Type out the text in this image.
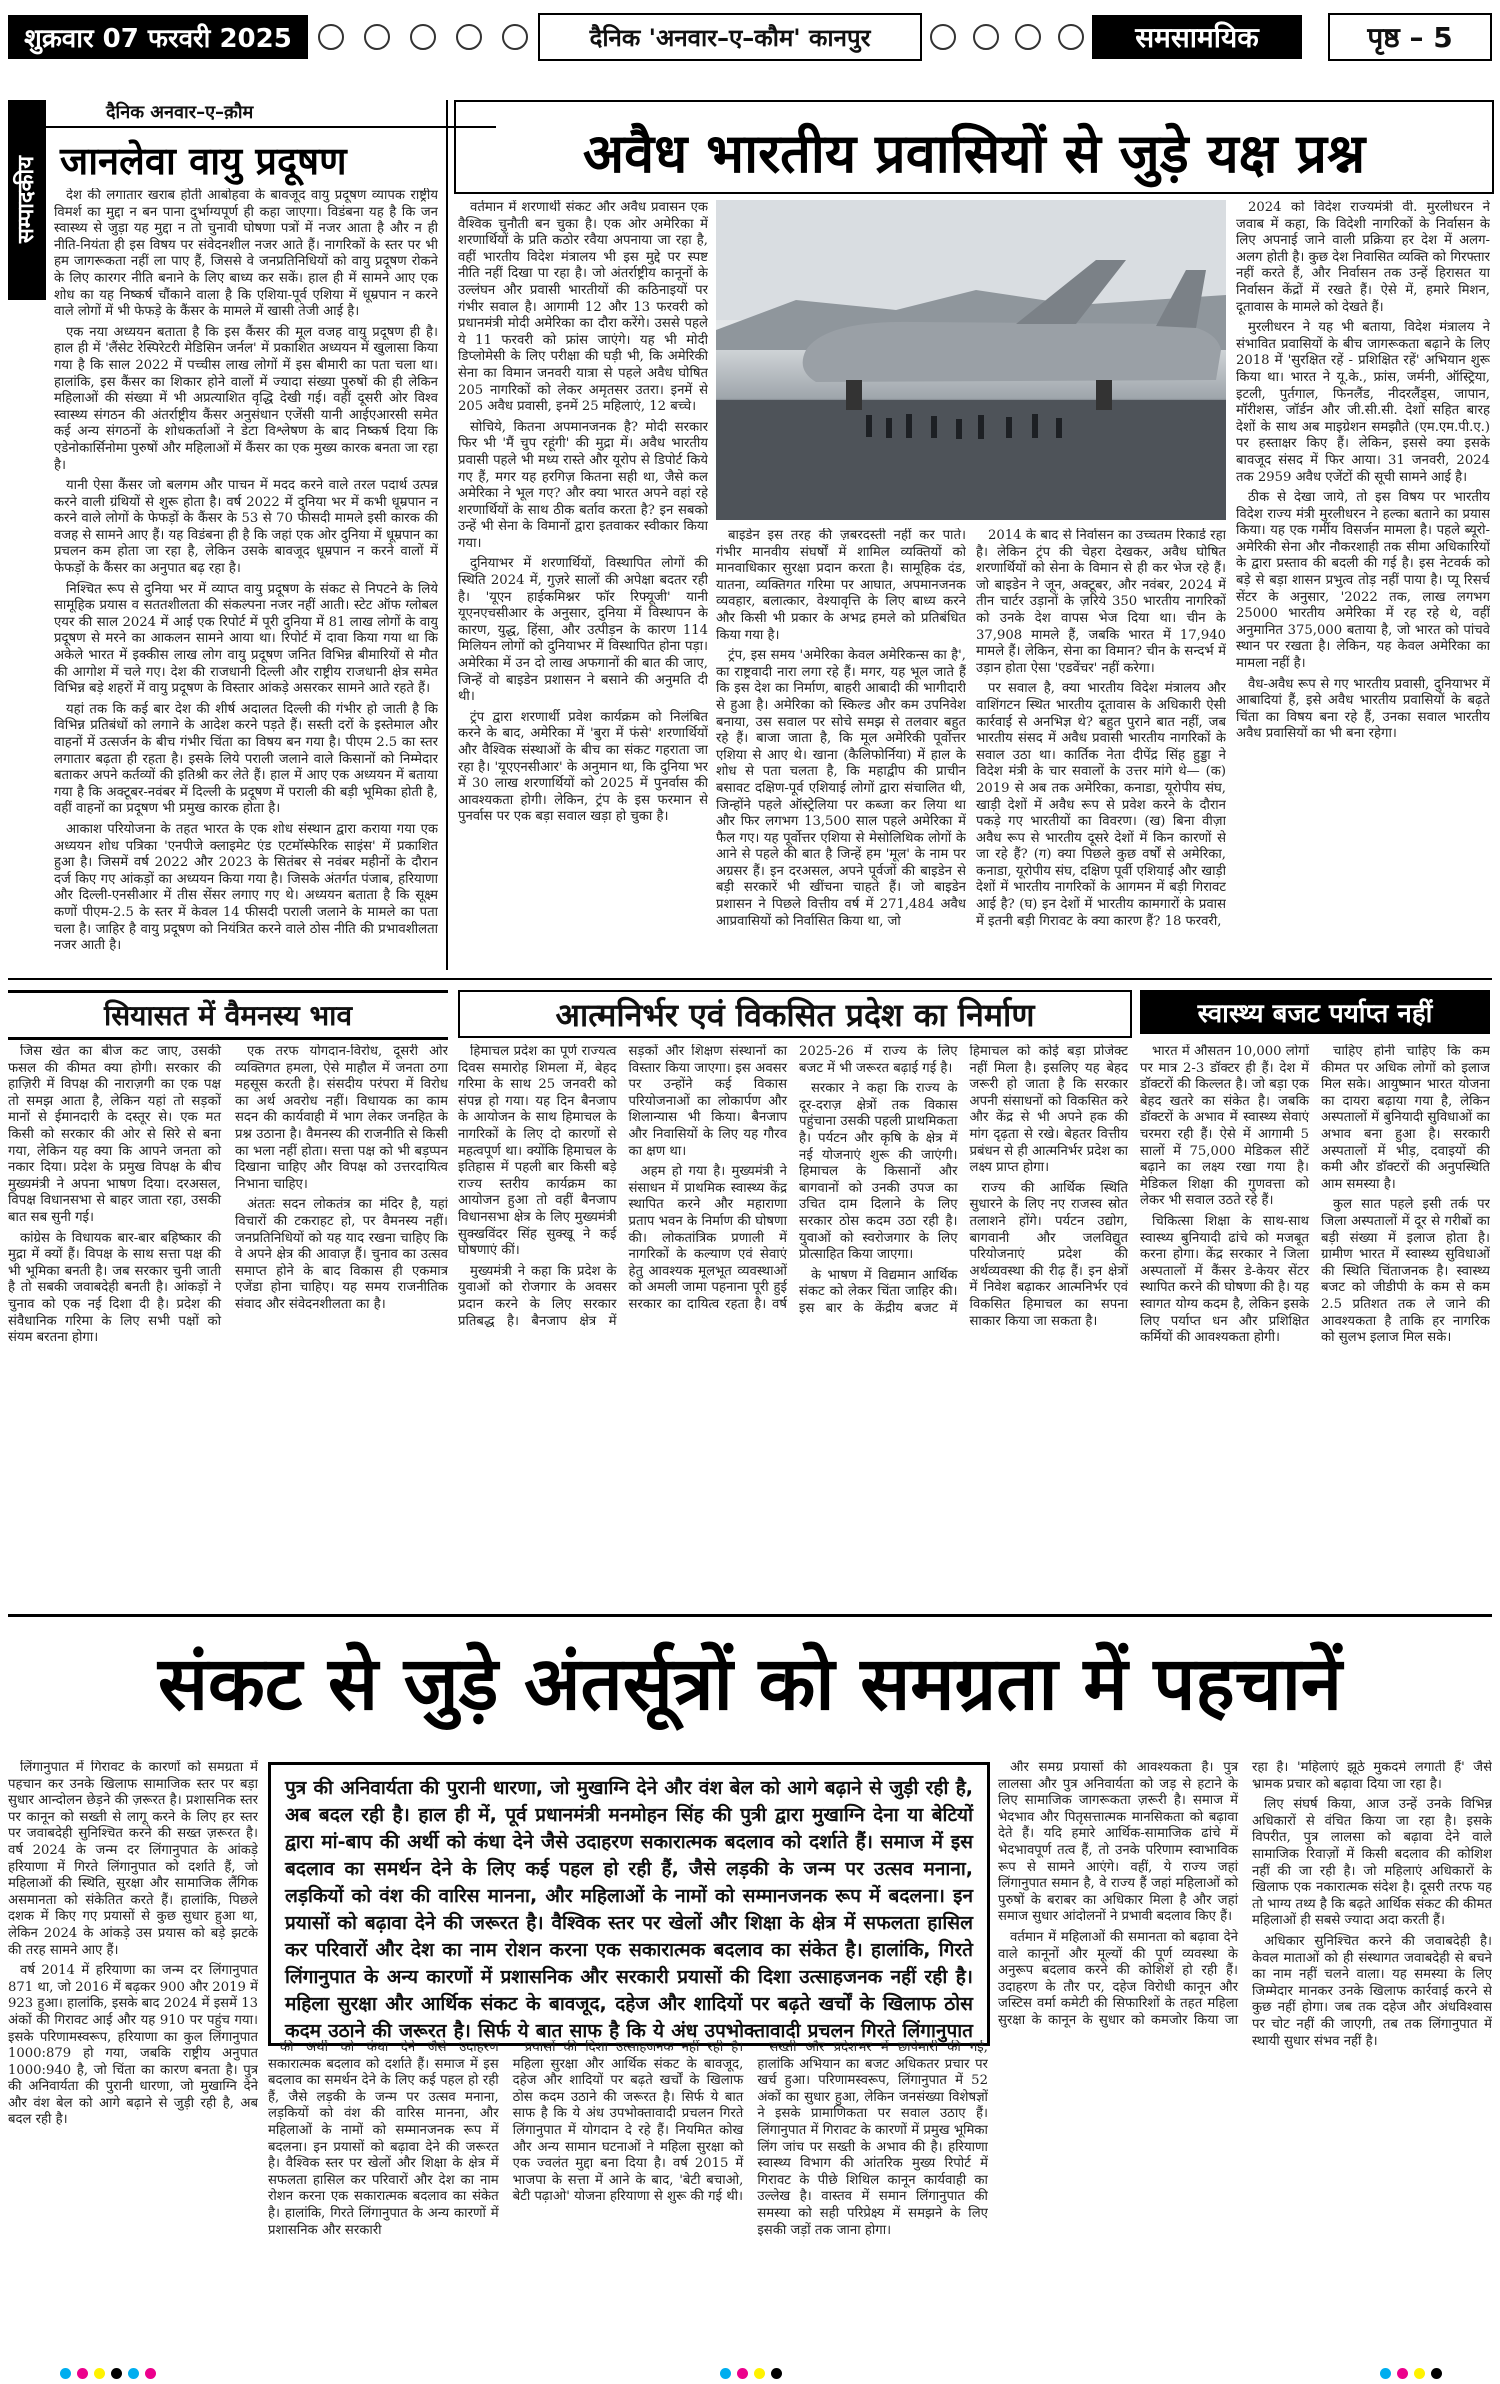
शुक्रवार 07 फरवरी 2025	दैनिक 'अनवार–ए–कौम' कानपुर	समसामयिक	पृष्ठ – 5
सम्पादकीय
दैनिक अनवार–ए–क़ौम
जानलेवा वायु प्रदूषण

देश की लगातार खराब होती आबोहवा के बावजूद वायु प्रदूषण व्यापक राष्ट्रीय विमर्श का मुद्दा न बन पाना दुर्भाग्यपूर्ण ही कहा जाएगा। विडंबना यह है कि जन स्वास्थ्य से जुड़ा यह मुद्दा न तो चुनावी घोषणा पत्रों में नजर आता है और न ही नीति-नियंता ही इस विषय पर संवेदनशील नजर आते हैं। नागरिकों के स्तर पर भी हम जागरूकता नहीं ला पाए हैं, जिससे वे जनप्रतिनिधियों को वायु प्रदूषण रोकने के लिए कारगर नीति बनाने के लिए बाध्य कर सकें। हाल ही में सामने आए एक शोध का यह निष्कर्ष चौंकाने वाला है कि एशिया-पूर्व एशिया में धूम्रपान न करने वाले लोगों में भी फेफड़े के कैंसर के मामले में खासी तेजी आई है।

एक नया अध्ययन बताता है कि इस कैंसर की मूल वजह वायु प्रदूषण ही है। हाल ही में 'लैंसेट रेस्पिरेटरी मेडिसिन जर्नल' में प्रकाशित अध्ययन में खुलासा किया गया है कि साल 2022 में पच्चीस लाख लोगों में इस बीमारी का पता चला था। हालांकि, इस कैंसर का शिकार होने वालों में ज्यादा संख्या पुरुषों की ही लेकिन महिलाओं की संख्या में भी अप्रत्याशित वृद्धि देखी गई। वहीं दूसरी ओर विश्व स्वास्थ्य संगठन की अंतर्राष्ट्रीय कैंसर अनुसंधान एजेंसी यानी आईएआरसी समेत कई अन्य संगठनों के शोधकर्ताओं ने डेटा विश्लेषण के बाद निष्कर्ष दिया कि एडेनोकार्सिनोमा पुरुषों और महिलाओं में कैंसर का एक मुख्य कारक बनता जा रहा है।

यानी ऐसा कैंसर जो बलगम और पाचन में मदद करने वाले तरल पदार्थ उत्पन्न करने वाली ग्रंथियों से शुरू होता है। वर्ष 2022 में दुनिया भर में कभी धूम्रपान न करने वाले लोगों के फेफड़ों के कैंसर के 53 से 70 फीसदी मामले इसी कारक की वजह से सामने आए हैं। यह विडंबना ही है कि जहां एक ओर दुनिया में धूम्रपान का प्रचलन कम होता जा रहा है, लेकिन उसके बावजूद धूम्रपान न करने वालों में फेफड़ों के कैंसर का अनुपात बढ़ रहा है।

निश्चित रूप से दुनिया भर में व्याप्त वायु प्रदूषण के संकट से निपटने के लिये सामूहिक प्रयास व सततशीलता की संकल्पना नजर नहीं आती। स्टेट ऑफ ग्लोबल एयर की साल 2024 में आई एक रिपोर्ट में पूरी दुनिया में 81 लाख लोगों के वायु प्रदूषण से मरने का आकलन सामने आया था। रिपोर्ट में दावा किया गया था कि अकेले भारत में इक्कीस लाख लोग वायु प्रदूषण जनित विभिन्न बीमारियों से मौत की आगोश में चले गए। देश की राजधानी दिल्ली और राष्ट्रीय राजधानी क्षेत्र समेत विभिन्न बड़े शहरों में वायु प्रदूषण के विस्तार आंकड़े असरकर सामने आते रहते हैं।

यहां तक कि कई बार देश की शीर्ष अदालत दिल्ली की गंभीर हो जाती है कि विभिन्न प्रतिबंधों को लगाने के आदेश करने पड़ते हैं। सस्ती दरों के इस्तेमाल और वाहनों में उत्सर्जन के बीच गंभीर चिंता का विषय बन गया है। पीएम 2.5 का स्तर लगातार बढ़ता ही रहता है। इसके लिये पराली जलाने वाले किसानों को निम्मेदार बताकर अपने कर्तव्यों की इतिश्री कर लेते हैं। हाल में आए एक अध्ययन में बताया गया है कि अक्टूबर-नवंबर में दिल्ली के प्रदूषण में पराली की बड़ी भूमिका होती है, वहीं वाहनों का प्रदूषण भी प्रमुख कारक होता है।

आकाश परियोजना के तहत भारत के एक शोध संस्थान द्वारा कराया गया एक अध्ययन शोध पत्रिका 'एनपीजे क्लाइमेट एंड एटमॉस्फेरिक साइंस' में प्रकाशित हुआ है। जिसमें वर्ष 2022 और 2023 के सितंबर से नवंबर महीनों के दौरान दर्ज किए गए आंकड़ों का अध्ययन किया गया है। जिसके अंतर्गत पंजाब, हरियाणा और दिल्ली-एनसीआर में तीस सेंसर लगाए गए थे। अध्ययन बताता है कि सूक्ष्म कणों पीएम-2.5 के स्तर में केवल 14 फीसदी पराली जलाने के मामले का पता चला है। जाहिर है वायु प्रदूषण को नियंत्रित करने वाले ठोस नीति की प्रभावशीलता नजर आती है।

अवैध भारतीय प्रवासियों से जुड़े यक्ष प्रश्न

वर्तमान में शरणार्थी संकट और अवैध प्रवासन एक वैश्विक चुनौती बन चुका है। एक ओर अमेरिका में शरणार्थियों के प्रति कठोर रवैया अपनाया जा रहा है, वहीं भारतीय विदेश मंत्रालय भी इस मुद्दे पर स्पष्ट नीति नहीं दिखा पा रहा है। जो अंतर्राष्ट्रीय कानूनों के उल्लंघन और प्रवासी भारतीयों की कठिनाइयों पर गंभीर सवाल है। आगामी 12 और 13 फरवरी को प्रधानमंत्री मोदी अमेरिका का दौरा करेंगे। उससे पहले ये 11 फरवरी को फ्रांस जाएंगे। यह भी मोदी डिप्लोमेसी के लिए परीक्षा की घड़ी भी, कि अमेरिकी सेना का विमान जनवरी यात्रा से पहले अवैध घोषित 205 नागरिकों को लेकर अमृतसर उतरा। इनमें से 205 अवैध प्रवासी, इनमें 25 महिलाएं, 12 बच्चे।

सोचिये, कितना अपमानजनक है? मोदी सरकार फिर भी 'मैं चुप रहूंगी' की मुद्रा में। अवैध भारतीय प्रवासी पहले भी मध्य रास्ते और यूरोप से डिपोर्ट किये गए हैं, मगर यह हरगिज़ कितना सही था, जैसे कल अमेरिका ने भूल गए? और क्या भारत अपने वहां रहे शरणार्थियों के साथ ठीक बर्ताव करता है? इन सबको उन्हें भी सेना के विमानों द्वारा इतवाकर स्वीकार किया गया।

दुनियाभर में शरणार्थियों, विस्थापित लोगों की स्थिति 2024 में, गुज़रे सालों की अपेक्षा बदतर रही है। 'यूएन हाईकमिश्नर फॉर रिफ्यूजी' यानी यूएनएचसीआर के अनुसार, दुनिया में विस्थापन के कारण, युद्ध, हिंसा, और उत्पीड़न के कारण 114 मिलियन लोगों को दुनियाभर में विस्थापित होना पड़ा। अमेरिका में उन दो लाख अफगानों की बात की जाए, जिन्हें वो बाइडेन प्रशासन ने बसाने की अनुमति दी थी।

ट्रंप द्वारा शरणार्थी प्रवेश कार्यक्रम को निलंबित करने के बाद, अमेरिका में 'बुरा में फंसे' शरणार्थियों और वैश्विक संस्थाओं के बीच का संकट गहराता जा रहा है। 'यूएएनसीआर' के अनुमान था, कि दुनिया भर में 30 लाख शरणार्थियों को 2025 में पुनर्वास की आवश्यकता होगी। लेकिन, ट्रंप के इस फरमान से पुनर्वास पर एक बड़ा सवाल खड़ा हो चुका है।

बाइडेन इस तरह की ज़बरदस्ती नहीं कर पाते। गंभीर मानवीय संघर्षों में शामिल व्यक्तियों को मानवाधिकार सुरक्षा प्रदान करता है। सामूहिक दंड, यातना, व्यक्तिगत गरिमा पर आघात, अपमानजनक व्यवहार, बलात्कार, वेश्यावृत्ति के लिए बाध्य करने और किसी भी प्रकार के अभद्र हमले को प्रतिबंधित किया गया है।

ट्रंप, इस समय 'अमेरिका केवल अमेरिकन्स का है', का राष्ट्रवादी नारा लगा रहे हैं। मगर, यह भूल जाते हैं कि इस देश का निर्माण, बाहरी आबादी की भागीदारी से हुआ है। अमेरिका को स्किल्ड और कम उपनिवेश बनाया, उस सवाल पर सोचे समझ से तलवार बहुत रहे हैं। बाजा जाता है, कि मूल अमेरिकी पूर्वोत्तर एशिया से आए थे। खाना (कैलिफोर्निया) में हाल के शोध से पता चलता है, कि महाद्वीप की प्राचीन बसावट दक्षिण-पूर्व एशियाई लोगों द्वारा संचालित थी, जिन्होंने पहले ऑस्ट्रेलिया पर कब्जा कर लिया था और फिर लगभग 13,500 साल पहले अमेरिका में फैल गए। यह पूर्वोत्तर एशिया से मेसोलिथिक लोगों के आने से पहले की बात है जिन्हें हम 'मूल' के नाम पर अग्रसर हैं। इन दरअसल, अपने पूर्वजों की बाइडेन से बड़ी सरकारें भी खींचना चाहते हैं। जो बाइडेन प्रशासन ने पिछले वित्तीय वर्ष में 271,484 अवैध आप्रवासियों को निर्वासित किया था, जो

2014 के बाद से निर्वासन का उच्चतम रिकार्ड रहा है। लेकिन ट्रंप की चेहरा देखकर, अवैध घोषित शरणार्थियों को सेना के विमान से ही कर भेज रहे हैं। जो बाइडेन ने जून, अक्टूबर, और नवंबर, 2024 में तीन चार्टर उड़ानों के ज़रिये 350 भारतीय नागरिकों को उनके देश वापस भेज दिया था। चीन के 37,908 मामले हैं, जबकि भारत में 17,940 मामले हैं। लेकिन, सेना का विमान? चीन के सन्दर्भ में उड़ान होता ऐसा 'एडवेंचर' नहीं करेगा।

पर सवाल है, क्या भारतीय विदेश मंत्रालय और वाशिंगटन स्थित भारतीय दूतावास के अधिकारी ऐसी कार्रवाई से अनभिज्ञ थे? बहुत पुराने बात नहीं, जब भारतीय संसद में अवैध प्रवासी भारतीय नागरिकों के सवाल उठा था। कार्तिक नेता दीपेंद्र सिंह हुड्डा ने विदेश मंत्री के चार सवालों के उत्तर मांगे थे— (क) 2019 से अब तक अमेरिका, कनाडा, यूरोपीय संघ, खाड़ी देशों में अवैध रूप से प्रवेश करने के दौरान पकड़े गए भारतीयों का विवरण। (ख) बिना वीज़ा अवैध रूप से भारतीय दूसरे देशों में किन कारणों से जा रहे हैं? (ग) क्या पिछले कुछ वर्षों से अमेरिका, कनाडा, यूरोपीय संघ, दक्षिण पूर्वी एशियाई और खाड़ी देशों में भारतीय नागरिकों के आगमन में बड़ी गिरावट आई है? (घ) इन देशों में भारतीय कामगारों के प्रवास में इतनी बड़ी गिरावट के क्या कारण हैं? 18 फरवरी,

2024 को विदेश राज्यमंत्री वी. मुरलीधरन ने जवाब में कहा, कि विदेशी नागरिकों के निर्वासन के लिए अपनाई जाने वाली प्रक्रिया हर देश में अलग-अलग होती है। कुछ देश निवासित व्यक्ति को गिरफ्तार नहीं करते हैं, और निर्वासन तक उन्हें हिरासत या निर्वासन केंद्रों में रखते हैं। ऐसे में, हमारे मिशन, दूतावास के मामले को देखते हैं।

मुरलीधरन ने यह भी बताया, विदेश मंत्रालय ने संभावित प्रवासियों के बीच जागरूकता बढ़ाने के लिए 2018 में 'सुरक्षित रहें - प्रशिक्षित रहें' अभियान शुरू किया था। भारत ने यू.के., फ्रांस, जर्मनी, ऑस्ट्रिया, इटली, पुर्तगाल, फिनलैंड, नीदरलैंड्स, जापान, मॉरीशस, जॉर्डन और जी.सी.सी. देशों सहित बारह देशों के साथ अब माइग्रेशन समझौते (एम.एम.पी.ए.) पर हस्ताक्षर किए हैं। लेकिन, इससे क्या इसके बावजूद संसद में फिर आया। 31 जनवरी, 2024 तक 2959 अवैध एजेंटों की सूची सामने आई है।

ठीक से देखा जाये, तो इस विषय पर भारतीय विदेश राज्य मंत्री मुरलीधरन ने हल्का बताने का प्रयास किया। यह एक गर्मीय विसर्जन मामला है। पहले ब्यूरो-अमेरिकी सेना और नौकरशाही तक सीमा अधिकारियों के द्वारा प्रस्ताव की बदली की गई है। इस नेटवर्क को बड़े से बड़ा शासन प्रभुत्व तोड़ नहीं पाया है। प्यू रिसर्च सेंटर के अनुसार, '2022 तक, लाख लगभग 25000 भारतीय अमेरिका में रह रहे थे, वहीं अनुमानित 375,000 बताया है, जो भारत को पांचवे स्थान पर रखता है। लेकिन, यह केवल अमेरिका का मामला नहीं है।

वैध-अवैध रूप से गए भारतीय प्रवासी, दुनियाभर में आबादियां हैं, इसे अवैध भारतीय प्रवासियों के बढ़ते चिंता का विषय बना रहे हैं, उनका सवाल भारतीय अवैध प्रवासियों का भी बना रहेगा।

सियासत में वैमनस्य भाव

जिस खेत का बीज कट जाए, उसकी फसल की कीमत क्या होगी। सरकार की हाज़िरी में विपक्ष की नाराज़गी का एक पक्ष तो समझ आता है, लेकिन यहां तो सड़कों मानों से ईमानदारी के दस्तूर से। एक मत किसी को सरकार की ओर से सिरे से बना गया, लेकिन यह क्या कि आपने जनता को नकार दिया। प्रदेश के प्रमुख विपक्ष के बीच मुख्यमंत्री ने अपना भाषण दिया। दरअसल, विपक्ष विधानसभा से बाहर जाता रहा, उसकी बात सब सुनी गई।

कांग्रेस के विधायक बार-बार बहिष्कार की मुद्रा में क्यों हैं। विपक्ष के साथ सत्ता पक्ष की भी भूमिका बनती है। जब सरकार चुनी जाती है तो सबकी जवाबदेही बनती है। आंकड़ों ने चुनाव को एक नई दिशा दी है। प्रदेश की संवैधानिक गरिमा के लिए सभी पक्षों को संयम बरतना होगा।

एक तरफ योगदान-विरोध, दूसरी ओर व्यक्तिगत हमला, ऐसे माहौल में जनता ठगा महसूस करती है। संसदीय परंपरा में विरोध का अर्थ अवरोध नहीं। विधायक का काम सदन की कार्यवाही में भाग लेकर जनहित के प्रश्न उठाना है। वैमनस्य की राजनीति से किसी का भला नहीं होता। सत्ता पक्ष को भी बड़प्पन दिखाना चाहिए और विपक्ष को उत्तरदायित्व निभाना चाहिए।

अंततः सदन लोकतंत्र का मंदिर है, यहां विचारों की टकराहट हो, पर वैमनस्य नहीं। जनप्रतिनिधियों को यह याद रखना चाहिए कि वे अपने क्षेत्र की आवाज़ हैं। चुनाव का उत्सव समाप्त होने के बाद विकास ही एकमात्र एजेंडा होना चाहिए। यह समय राजनीतिक संवाद और संवेदनशीलता का है।

आत्मनिर्भर एवं विकसित प्रदेश का निर्माण

हिमाचल प्रदेश का पूर्ण राज्यत्व दिवस समारोह शिमला में, बेहद गरिमा के साथ 25 जनवरी को संपन्न हो गया। यह दिन बैनजाप के आयोजन के साथ हिमाचल के नागरिकों के लिए दो कारणों से महत्वपूर्ण था। क्योंकि हिमाचल के इतिहास में पहली बार किसी बड़े राज्य स्तरीय कार्यक्रम का आयोजन हुआ तो वहीं बैनजाप विधानसभा क्षेत्र के लिए मुख्यमंत्री सुक्खविंदर सिंह सुक्खू ने कई घोषणाएं कीं।

मुख्यमंत्री ने कहा कि प्रदेश के युवाओं को रोजगार के अवसर प्रदान करने के लिए सरकार प्रतिबद्ध है। बैनजाप क्षेत्र में सड़कों और शिक्षण संस्थानों का विस्तार किया जाएगा। इस अवसर पर उन्होंने कई विकास परियोजनाओं का लोकार्पण और शिलान्यास भी किया। बैनजाप और निवासियों के लिए यह गौरव का क्षण था।

अहम हो गया है। मुख्यमंत्री ने संसाधन में प्राथमिक स्वास्थ्य केंद्र स्थापित करने और महाराणा प्रताप भवन के निर्माण की घोषणा की। लोकतांत्रिक प्रणाली में नागरिकों के कल्याण एवं सेवाएं हेतु आवश्यक मूलभूत व्यवस्थाओं को अमली जामा पहनाना पूरी हुई सरकार का दायित्व रहता है। वर्ष 2025-26 में राज्य के लिए बजट में भी जरूरत बढ़ाई गई है।

सरकार ने कहा कि राज्य के दूर-दराज़ क्षेत्रों तक विकास पहुंचाना उसकी पहली प्राथमिकता है। पर्यटन और कृषि के क्षेत्र में नई योजनाएं शुरू की जाएंगी। हिमाचल के किसानों और बागवानों को उनकी उपज का उचित दाम दिलाने के लिए सरकार ठोस कदम उठा रही है। युवाओं को स्वरोजगार के लिए प्रोत्साहित किया जाएगा।

के भाषण में विद्यमान आर्थिक संकट को लेकर चिंता जाहिर की। इस बार के केंद्रीय बजट में हिमाचल को कोई बड़ा प्रोजेक्ट नहीं मिला है। इसलिए यह बेहद जरूरी हो जाता है कि सरकार अपनी संसाधनों को विकसित करे और केंद्र से भी अपने हक की मांग दृढ़ता से रखे। बेहतर वित्तीय प्रबंधन से ही आत्मनिर्भर प्रदेश का लक्ष्य प्राप्त होगा।

राज्य की आर्थिक स्थिति सुधारने के लिए नए राजस्व स्रोत तलाशने होंगे। पर्यटन उद्योग, बागवानी और जलविद्युत परियोजनाएं प्रदेश की अर्थव्यवस्था की रीढ़ हैं। इन क्षेत्रों में निवेश बढ़ाकर आत्मनिर्भर एवं विकसित हिमाचल का सपना साकार किया जा सकता है।

स्वास्थ्य बजट पर्याप्त नहीं

भारत में औसतन 10,000 लोगों पर मात्र 2-3 डॉक्टर ही हैं। देश में डॉक्टरों की किल्लत है। जो बड़ा एक बेहद खतरे का संकेत है। जबकि डॉक्टरों के अभाव में स्वास्थ्य सेवाएं चरमरा रही हैं। ऐसे में आगामी 5 सालों में 75,000 मेडिकल सीटें बढ़ाने का लक्ष्य रखा गया है। मेडिकल शिक्षा की गुणवत्ता को लेकर भी सवाल उठते रहे हैं।

चिकित्सा शिक्षा के साथ-साथ स्वास्थ्य बुनियादी ढांचे को मजबूत करना होगा। केंद्र सरकार ने जिला अस्पतालों में कैंसर डे-केयर सेंटर स्थापित करने की घोषणा की है। यह स्वागत योग्य कदम है, लेकिन इसके लिए पर्याप्त धन और प्रशिक्षित कर्मियों की आवश्यकता होगी।

चाहिए होनी चाहिए कि कम कीमत पर अधिक लोगों को इलाज मिल सके। आयुष्मान भारत योजना का दायरा बढ़ाया गया है, लेकिन अस्पतालों में बुनियादी सुविधाओं का अभाव बना हुआ है। सरकारी अस्पतालों में भीड़, दवाइयों की कमी और डॉक्टरों की अनुपस्थिति आम समस्या है।

कुल सात पहले इसी तर्क पर जिला अस्पतालों में दूर से गरीबों का बड़ी संख्या में इलाज होता है। ग्रामीण भारत में स्वास्थ्य सुविधाओं की स्थिति चिंताजनक है। स्वास्थ्य बजट को जीडीपी के कम से कम 2.5 प्रतिशत तक ले जाने की आवश्यकता है ताकि हर नागरिक को सुलभ इलाज मिल सके।

संकट से जुड़े अंतर्सूत्रों को समग्रता में पहचानें

लिंगानुपात में गिरावट के कारणों को समग्रता में पहचान कर उनके खिलाफ सामाजिक स्तर पर बड़ा सुधार आन्दोलन छेड़ने की ज़रूरत है। प्रशासनिक स्तर पर कानून को सख्ती से लागू करने के लिए हर स्तर पर जवाबदेही सुनिश्चित करने की सख्त ज़रूरत है। वर्ष 2024 के जन्म दर लिंगानुपात के आंकड़े हरियाणा में गिरते लिंगानुपात को दर्शाते हैं, जो महिलाओं की स्थिति, सुरक्षा और सामाजिक लैंगिक असमानता को संकेतित करते हैं। हालांकि, पिछले दशक में किए गए प्रयासों से कुछ सुधार हुआ था, लेकिन 2024 के आंकड़े उस प्रयास को बड़े झटके की तरह सामने आए हैं।

वर्ष 2014 में हरियाणा का जन्म दर लिंगानुपात 871 था, जो 2016 में बढ़कर 900 और 2019 में 923 हुआ। हालांकि, इसके बाद 2024 में इसमें 13 अंकों की गिरावट आई और यह 910 पर पहुंच गया। इसके परिणामस्वरूप, हरियाणा का कुल लिंगानुपात 1000:879 हो गया, जबकि राष्ट्रीय अनुपात 1000:940 है, जो चिंता का कारण बनता है। पुत्र की अनिवार्यता की पुरानी धारणा, जो मुखाग्नि देने और वंश बेल को आगे बढ़ाने से जुड़ी रही है, अब बदल रही है।

पुत्र की अनिवार्यता की पुरानी धारणा, जो मुखाग्नि देने और वंश बेल को आगे बढ़ाने से जुड़ी रही है, अब बदल रही है। हाल ही में, पूर्व प्रधानमंत्री मनमोहन सिंह की पुत्री द्वारा मुखाग्नि देना या बेटियों द्वारा मां-बाप की अर्थी को कंधा देने जैसे उदाहरण सकारात्मक बदलाव को दर्शाते हैं। समाज में इस बदलाव का समर्थन देने के लिए कई पहल हो रही हैं, जैसे लड़की के जन्म पर उत्सव मनाना, लड़कियों को वंश की वारिस मानना, और महिलाओं के नामों को सम्मानजनक रूप में बदलना। इन प्रयासों को बढ़ावा देने की जरूरत है। वैश्विक स्तर पर खेलों और शिक्षा के क्षेत्र में सफलता हासिल कर परिवारों और देश का नाम रोशन करना एक सकारात्मक बदलाव का संकेत है। हालांकि, गिरते लिंगानुपात के अन्य कारणों में प्रशासनिक और सरकारी प्रयासों की दिशा उत्साहजनक नहीं रही है। महिला सुरक्षा और आर्थिक संकट के बावजूद, दहेज और शादियों पर बढ़ते खर्चों के खिलाफ ठोस कदम उठाने की जरूरत है। सिर्फ ये बात साफ है कि ये अंध उपभोक्तावादी प्रचलन गिरते लिंगानुपात

की अर्थी को कंधा देने जैसे उदाहरण सकारात्मक बदलाव को दर्शाते हैं। समाज में इस बदलाव का समर्थन देने के लिए कई पहल हो रही हैं, जैसे लड़की के जन्म पर उत्सव मनाना, लड़कियों को वंश की वारिस मानना, और महिलाओं के नामों को सम्मानजनक रूप में बदलना। इन प्रयासों को बढ़ावा देने की जरूरत है। वैश्विक स्तर पर खेलों और शिक्षा के क्षेत्र में सफलता हासिल कर परिवारों और देश का नाम रोशन करना एक सकारात्मक बदलाव का संकेत है। हालांकि, गिरते लिंगानुपात के अन्य कारणों में प्रशासनिक और सरकारी

प्रयासों की दिशा उत्साहजनक नहीं रही है। महिला सुरक्षा और आर्थिक संकट के बावजूद, दहेज और शादियों पर बढ़ते खर्चों के खिलाफ ठोस कदम उठाने की जरूरत है। सिर्फ ये बात साफ है कि ये अंध उपभोक्तावादी प्रचलन गिरते लिंगानुपात में योगदान दे रहे हैं। नियमित कोख और अन्य सामान घटनाओं ने महिला सुरक्षा को एक ज्वलंत मुद्दा बना दिया है। वर्ष 2015 में भाजपा के सत्ता में आने के बाद, 'बेटी बचाओ, बेटी पढ़ाओ' योजना हरियाणा से शुरू की गई थी।

सख्ती और प्रदेशभर में छापेमारी की गई, हालांकि अभियान का बजट अधिकतर प्रचार पर खर्च हुआ। परिणामस्वरूप, लिंगानुपात में 52 अंकों का सुधार हुआ, लेकिन जनसंख्या विशेषज्ञों ने इसके प्रामाणिकता पर सवाल उठाए हैं। लिंगानुपात में गिरावट के कारणों में प्रमुख भूमिका लिंग जांच पर सख्ती के अभाव की है। हरियाणा स्वास्थ्य विभाग की आंतरिक मुख्य रिपोर्ट में गिरावट के पीछे शिथिल कानून कार्यवाही का उल्लेख है। वास्तव में समान लिंगानुपात की समस्या को सही परिप्रेक्ष्य में समझने के लिए इसकी जड़ों तक जाना होगा।

और समग्र प्रयासों की आवश्यकता है। पुत्र लालसा और पुत्र अनिवार्यता को जड़ से हटाने के लिए सामाजिक जागरूकता ज़रूरी है। समाज में भेदभाव और पितृसत्तात्मक मानसिकता को बढ़ावा देते हैं। यदि हमारे आर्थिक-सामाजिक ढांचे में भेदभावपूर्ण तत्व हैं, तो उनके परिणाम स्वाभाविक रूप से सामने आएंगे। वहीं, ये राज्य जहां लिंगानुपात समान है, वे राज्य हैं जहां महिलाओं को पुरुषों के बराबर का अधिकार मिला है और जहां समाज सुधार आंदोलनों ने प्रभावी बदलाव किए हैं।

वर्तमान में महिलाओं की समानता को बढ़ावा देने वाले कानूनों और मूल्यों की पूर्ण व्यवस्था के अनुरूप बदलाव करने की कोशिशें हो रही हैं। उदाहरण के तौर पर, दहेज विरोधी कानून और जस्टिस वर्मा कमेटी की सिफारिशों के तहत महिला सुरक्षा के कानून के सुधार को कमजोर किया जा रहा है। 'महिलाएं झूठे मुकदमे लगाती हैं' जैसे भ्रामक प्रचार को बढ़ावा दिया जा रहा है।

लिए संघर्ष किया, आज उन्हें उनके विभिन्न अधिकारों से वंचित किया जा रहा है। इसके विपरीत, पुत्र लालसा को बढ़ावा देने वाले सामाजिक रिवाज़ों में किसी बदलाव की कोशिश नहीं की जा रही है। जो महिलाएं अधिकारों के खिलाफ एक नकारात्मक संदेश है। दूसरी तरफ यह तो भाग्य तथ्य है कि बढ़ते आर्थिक संकट की कीमत महिलाओं ही सबसे ज्यादा अदा करती हैं।

अधिकार सुनिश्चित करने की जवाबदेही है। केवल माताओं को ही संस्थागत जवाबदेही से बचने का नाम नहीं चलने वाला। यह समस्या के लिए जिम्मेदार मानकर उनके खिलाफ कार्रवाई करने से कुछ नहीं होगा। जब तक दहेज और अंधविश्वास पर चोट नहीं की जाएगी, तब तक लिंगानुपात में स्थायी सुधार संभव नहीं है।
